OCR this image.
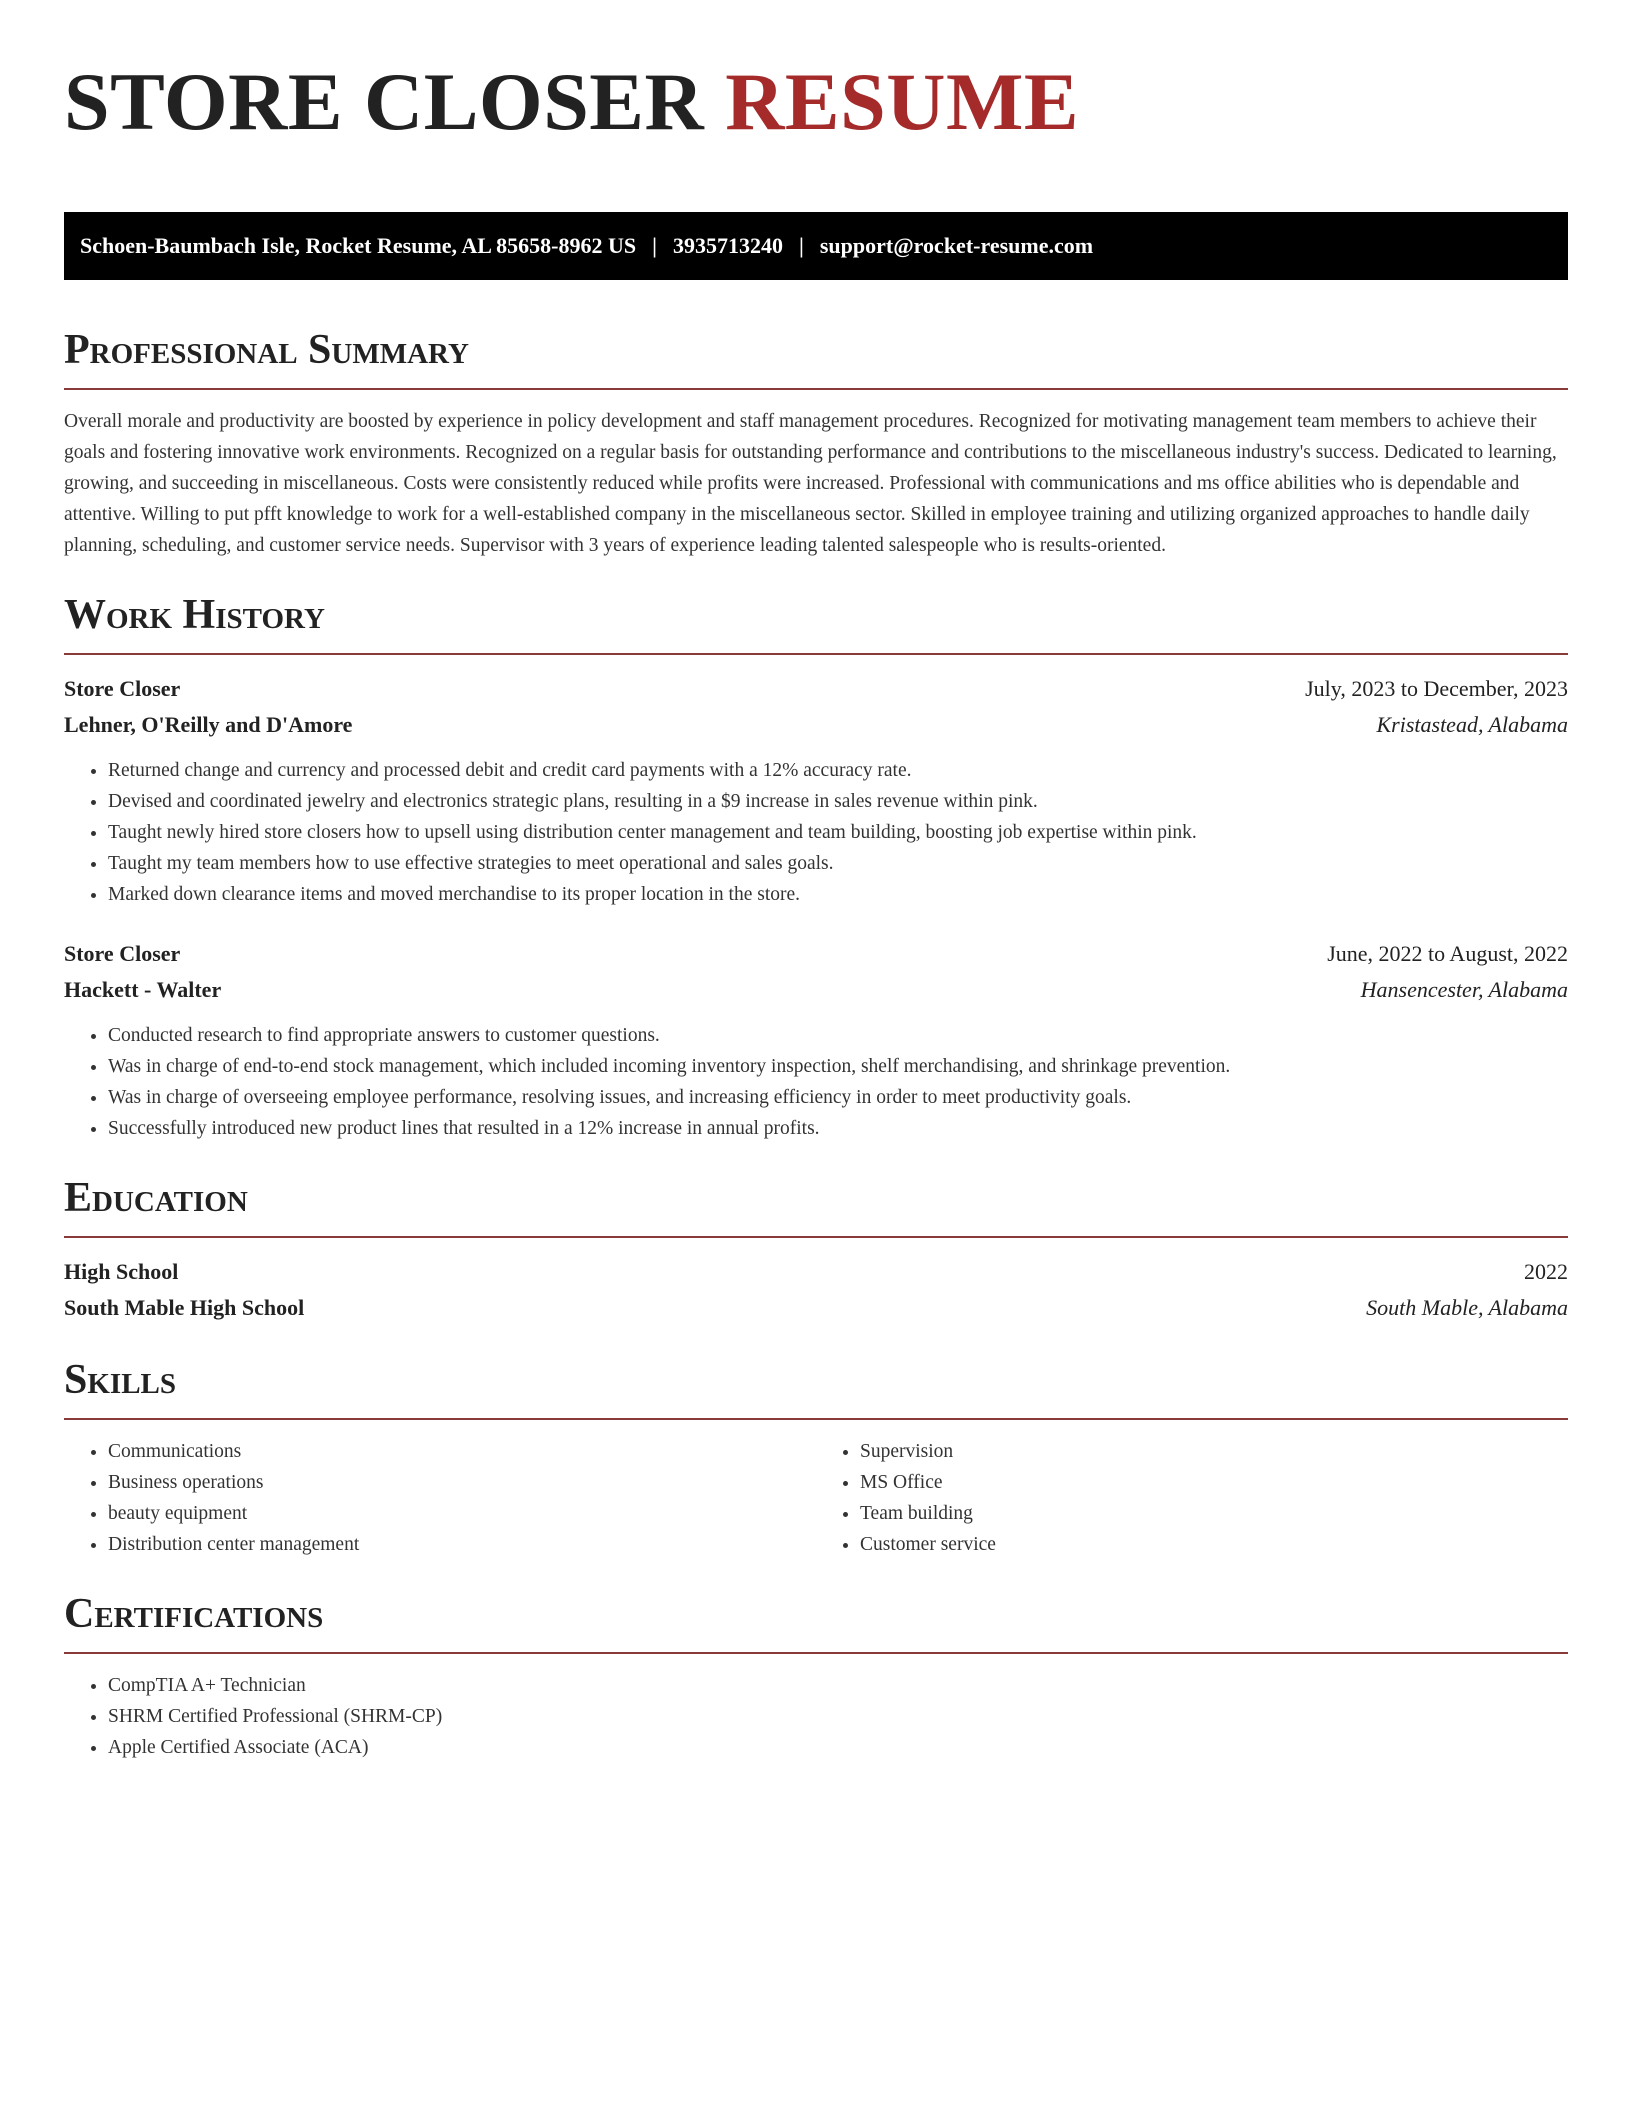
STORE CLOSER RESUME
Schoen-Baumbach Isle, Rocket Resume, AL 85658-8962 US | 3935713240 | support@rocket-resume.com
Professional Summary

Overall morale and productivity are boosted by experience in policy development and staff management procedures. Recognized for motivating management team members to achieve their goals and fostering innovative work environments. Recognized on a regular basis for outstanding performance and contributions to the miscellaneous industry's success. Dedicated to learning, growing, and succeeding in miscellaneous. Costs were consistently reduced while profits were increased. Professional with communications and ms office abilities who is dependable and attentive. Willing to put pfft knowledge to work for a well-established company in the miscellaneous sector. Skilled in employee training and utilizing organized approaches to handle daily planning, scheduling, and customer service needs. Supervisor with 3 years of experience leading talented salespeople who is results-oriented.

Work History
Store Closer	July, 2023 to December, 2023
Lehner, O'Reilly and D'Amore	Kristastead, Alabama
• Returned change and currency and processed debit and credit card payments with a 12% accuracy rate.
• Devised and coordinated jewelry and electronics strategic plans, resulting in a $9 increase in sales revenue within pink.
• Taught newly hired store closers how to upsell using distribution center management and team building, boosting job expertise within pink.
• Taught my team members how to use effective strategies to meet operational and sales goals.
• Marked down clearance items and moved merchandise to its proper location in the store.
Store Closer	June, 2022 to August, 2022
Hackett - Walter	Hansencester, Alabama
• Conducted research to find appropriate answers to customer questions.
• Was in charge of end-to-end stock management, which included incoming inventory inspection, shelf merchandising, and shrinkage prevention.
• Was in charge of overseeing employee performance, resolving issues, and increasing efficiency in order to meet productivity goals.
• Successfully introduced new product lines that resulted in a 12% increase in annual profits.
Education
High School	2022
South Mable High School	South Mable, Alabama
Skills
• Communications
• Business operations
• beauty equipment
• Distribution center management
• Supervision
• MS Office
• Team building
• Customer service
Certifications
• CompTIA A+ Technician
• SHRM Certified Professional (SHRM-CP)
• Apple Certified Associate (ACA)
